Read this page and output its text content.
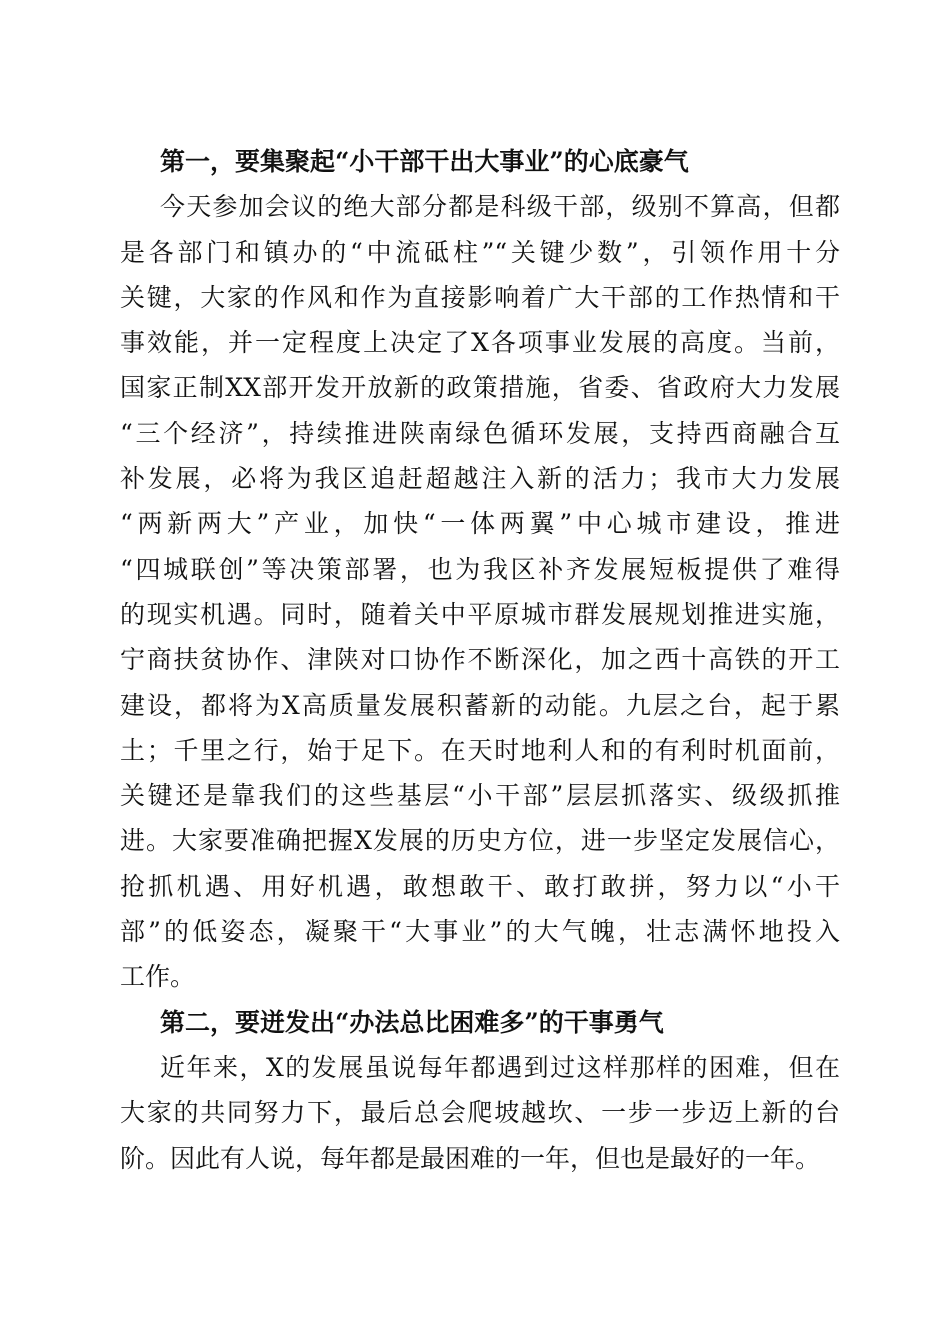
第一，要集聚起“小干部干出大事业”的心底豪气
今天参加会议的绝大部分都是科级干部，级别不算高，但都
是各部门和镇办的“中流砥柱”“关键少数”，引领作用十分
关键，大家的作风和作为直接影响着广大干部的工作热情和干
事效能，并一定程度上决定了X各项事业发展的高度。当前，
国家正制XX部开发开放新的政策措施，省委、省政府大力发展
“三个经济”，持续推进陕南绿色循环发展，支持西商融合互
补发展，必将为我区追赶超越注入新的活力；我市大力发展
“两新两大”产业，加快“一体两翼”中心城市建设，推进
“四城联创”等决策部署，也为我区补齐发展短板提供了难得
的现实机遇。同时，随着关中平原城市群发展规划推进实施，
宁商扶贫协作、津陕对口协作不断深化，加之西十高铁的开工
建设，都将为X高质量发展积蓄新的动能。九层之台，起于累
土；千里之行，始于足下。在天时地利人和的有利时机面前，
关键还是靠我们的这些基层“小干部”层层抓落实、级级抓推
进。大家要准确把握X发展的历史方位，进一步坚定发展信心，
抢抓机遇、用好机遇，敢想敢干、敢打敢拼，努力以“小干
部”的低姿态，凝聚干“大事业”的大气魄，壮志满怀地投入
工作。
第二，要迸发出“办法总比困难多”的干事勇气
近年来，X的发展虽说每年都遇到过这样那样的困难，但在
大家的共同努力下，最后总会爬坡越坎、一步一步迈上新的台
阶。因此有人说，每年都是最困难的一年，但也是最好的一年。
